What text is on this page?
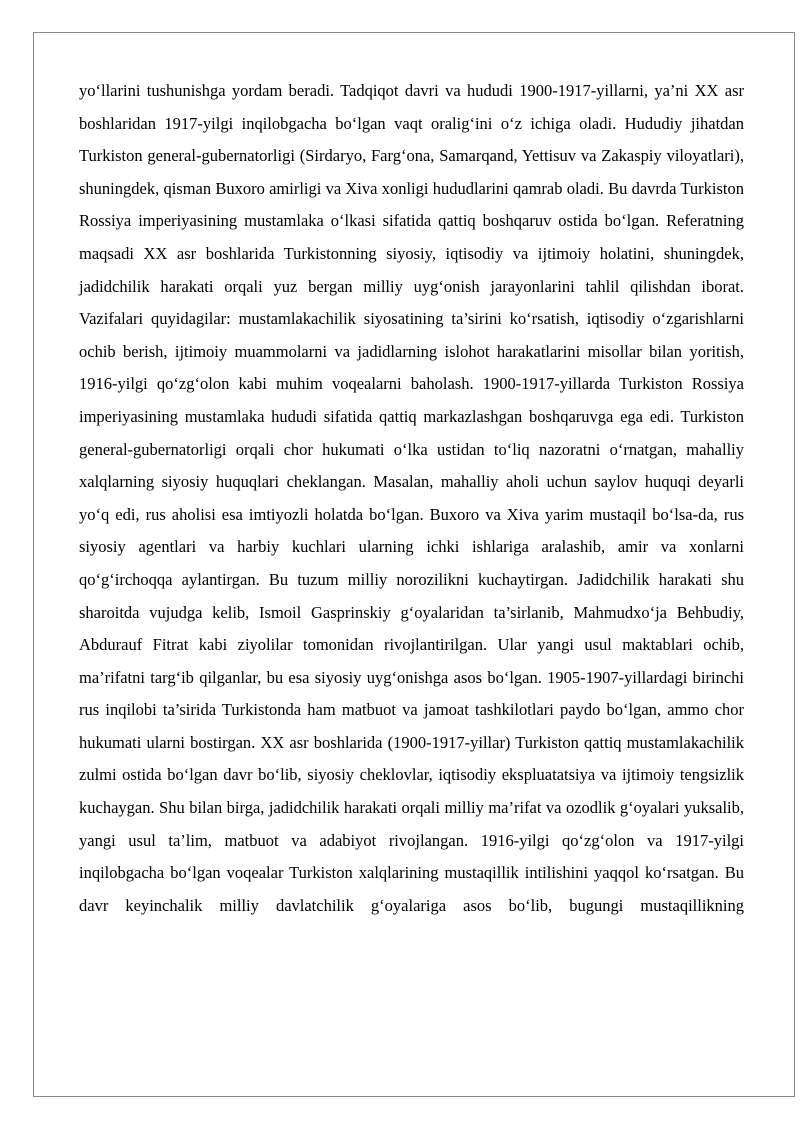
yo‘llarini tushunishga yordam beradi. Tadqiqot davri va hududi 1900-1917-yillarni, ya’ni XX asr boshlaridan 1917-yilgi inqilobgacha bo‘lgan vaqt oralig‘ini o‘z ichiga oladi. Hududiy jihatdan Turkiston general-gubernatorligi (Sirdaryo, Farg‘ona, Samarqand, Yettisuv va Zakaspiy viloyatlari), shuningdek, qisman Buxoro amirligi va Xiva xonligi hududlarini qamrab oladi. Bu davrda Turkiston Rossiya imperiyasining mustamlaka o‘lkasi sifatida qattiq boshqaruv ostida bo‘lgan. Referatning maqsadi XX asr boshlarida Turkistonning siyosiy, iqtisodiy va ijtimoiy holatini, shuningdek, jadidchilik harakati orqali yuz bergan milliy uyg‘onish jarayonlarini tahlil qilishdan iborat. Vazifalari quyidagilar: mustamlakachilik siyosatining ta’sirini ko‘rsatish, iqtisodiy o‘zgarishlarni ochib berish, ijtimoiy muammolarni va jadidlarning islohot harakatlarini misollar bilan yoritish, 1916-yilgi qo‘zg‘olon kabi muhim voqealarni baholash. 1900-1917-yillarda Turkiston Rossiya imperiyasining mustamlaka hududi sifatida qattiq markazlashgan boshqaruvga ega edi. Turkiston general-gubernatorligi orqali chor hukumati o‘lka ustidan to‘liq nazoratni o‘rnatgan, mahalliy xalqlarning siyosiy huquqlari cheklangan. Masalan, mahalliy aholi uchun saylov huquqi deyarli yo‘q edi, rus aholisi esa imtiyozli holatda bo‘lgan. Buxoro va Xiva yarim mustaqil bo‘lsa-da, rus siyosiy agentlari va harbiy kuchlari ularning ichki ishlariga aralashib, amir va xonlarni qo‘g‘irchoqqa aylantirgan. Bu tuzum milliy norozilikni kuchaytirgan. Jadidchilik harakati shu sharoitda vujudga kelib, Ismoil Gasprinskiy g‘oyalaridan ta’sirlanib, Mahmudxo‘ja Behbudiy, Abdurauf Fitrat kabi ziyolilar tomonidan rivojlantirilgan. Ular yangi usul maktablari ochib, ma’rifatni targ‘ib qilganlar, bu esa siyosiy uyg‘onishga asos bo‘lgan. 1905-1907-yillardagi birinchi rus inqilobi ta’sirida Turkistonda ham matbuot va jamoat tashkilotlari paydo bo‘lgan, ammo chor hukumati ularni bostirgan. XX asr boshlarida (1900-1917-yillar) Turkiston qattiq mustamlakachilik zulmi ostida bo‘lgan davr bo‘lib, siyosiy cheklovlar, iqtisodiy ekspluatatsiya va ijtimoiy tengsizlik kuchaygan. Shu bilan birga, jadidchilik harakati orqali milliy ma’rifat va ozodlik g‘oyalari yuksalib, yangi usul ta’lim, matbuot va adabiyot rivojlangan. 1916-yilgi qo‘zg‘olon va 1917-yilgi inqilobgacha bo‘lgan voqealar Turkiston xalqlarining mustaqillik intilishini yaqqol ko‘rsatgan. Bu davr keyinchalik milliy davlatchilik g‘oyalariga asos bo‘lib, bugungi mustaqillikning
